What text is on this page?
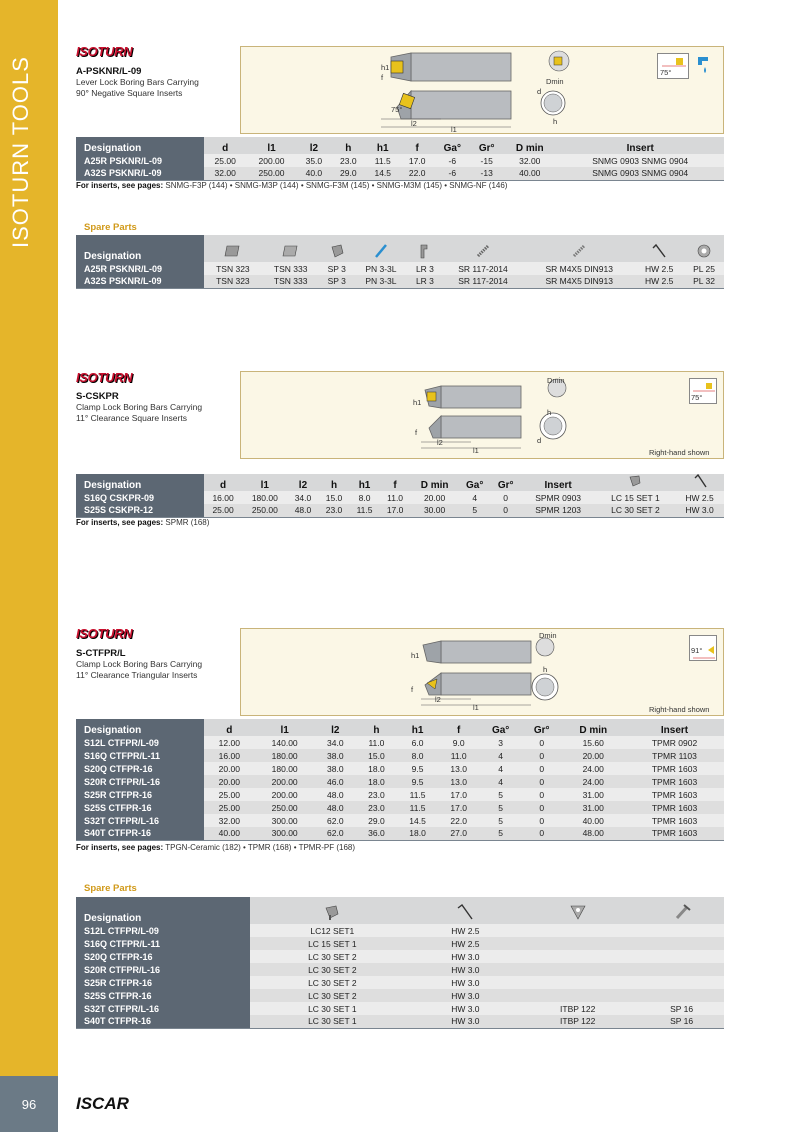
ISOTURN TOOLS
96	ISCAR
ISOTURN
A-PSKNR/L-09
Lever Lock Boring Bars Carrying
90° Negative Square Inserts
h1
f
75°
l2
l1
Dmin
d
h
75°
Designation	d	l1	l2	h	h1	f	Ga°	Gr°	D min	Insert
A25R PSKNR/L-09	25.00	200.00	35.0	23.0	11.5	17.0	-6	-15	32.00	SNMG 0903 SNMG 0904
A32S PSKNR/L-09	32.00	250.00	40.0	29.0	14.5	22.0	-6	-13	40.00	SNMG 0903 SNMG 0904
For inserts, see pages: SNMG-F3P (144) • SNMG-M3P (144) • SNMG-F3M (145) • SNMG-M3M (145) • SNMG-NF (146)
Spare Parts
Designation									
A25R PSKNR/L-09	TSN 323	TSN 333	SP 3	PN 3-3L	LR 3	SR 117-2014	SR M4X5 DIN913	HW 2.5	PL 25
A32S PSKNR/L-09	TSN 323	TSN 333	SP 3	PN 3-3L	LR 3	SR 117-2014	SR M4X5 DIN913	HW 2.5	PL 32
ISOTURN
S-CSKPR
Clamp Lock Boring Bars Carrying
11° Clearance Square Inserts
h1
f
l2
l1
Dmin
d
h
Right-hand shown
75°
Designation	d	l1	l2	h	h1	f	D min	Ga°	Gr°	Insert		
S16Q CSKPR-09	16.00	180.00	34.0	15.0	8.0	11.0	20.00	4	0	SPMR 0903	LC 15 SET 1	HW 2.5
S25S CSKPR-12	25.00	250.00	48.0	23.0	11.5	17.0	30.00	5	0	SPMR 1203	LC 30 SET 2	HW 3.0
For inserts, see pages: SPMR (168)
ISOTURN
S-CTFPR/L
Clamp Lock Boring Bars Carrying
11° Clearance Triangular Inserts
h1
f
l2
l1
Dmin
h
Right-hand shown
91°
Designation	d	l1	l2	h	h1	f	Ga°	Gr°	D min	Insert
S12L CTFPR/L-09	12.00	140.00	34.0	11.0	6.0	9.0	3	0	15.60	TPMR 0902
S16Q CTFPR/L-11	16.00	180.00	38.0	15.0	8.0	11.0	4	0	20.00	TPMR 1103
S20Q CTFPR-16	20.00	180.00	38.0	18.0	9.5	13.0	4	0	24.00	TPMR 1603
S20R CTFPR/L-16	20.00	200.00	46.0	18.0	9.5	13.0	4	0	24.00	TPMR 1603
S25R CTFPR-16	25.00	200.00	48.0	23.0	11.5	17.0	5	0	31.00	TPMR 1603
S25S CTFPR-16	25.00	250.00	48.0	23.0	11.5	17.0	5	0	31.00	TPMR 1603
S32T CTFPR/L-16	32.00	300.00	62.0	29.0	14.5	22.0	5	0	40.00	TPMR 1603
S40T CTFPR-16	40.00	300.00	62.0	36.0	18.0	27.0	5	0	48.00	TPMR 1603
For inserts, see pages: TPGN-Ceramic (182) • TPMR (168) • TPMR-PF (168)
Spare Parts
Designation				
S12L CTFPR/L-09	LC12 SET1	HW 2.5		
S16Q CTFPR/L-11	LC 15 SET 1	HW 2.5		
S20Q CTFPR-16	LC 30 SET 2	HW 3.0		
S20R CTFPR/L-16	LC 30 SET 2	HW 3.0		
S25R CTFPR-16	LC 30 SET 2	HW 3.0		
S25S CTFPR-16	LC 30 SET 2	HW 3.0		
S32T CTFPR/L-16	LC 30 SET 1	HW 3.0	ITBP 122	SP 16
S40T CTFPR-16	LC 30 SET 1	HW 3.0	ITBP 122	SP 16
